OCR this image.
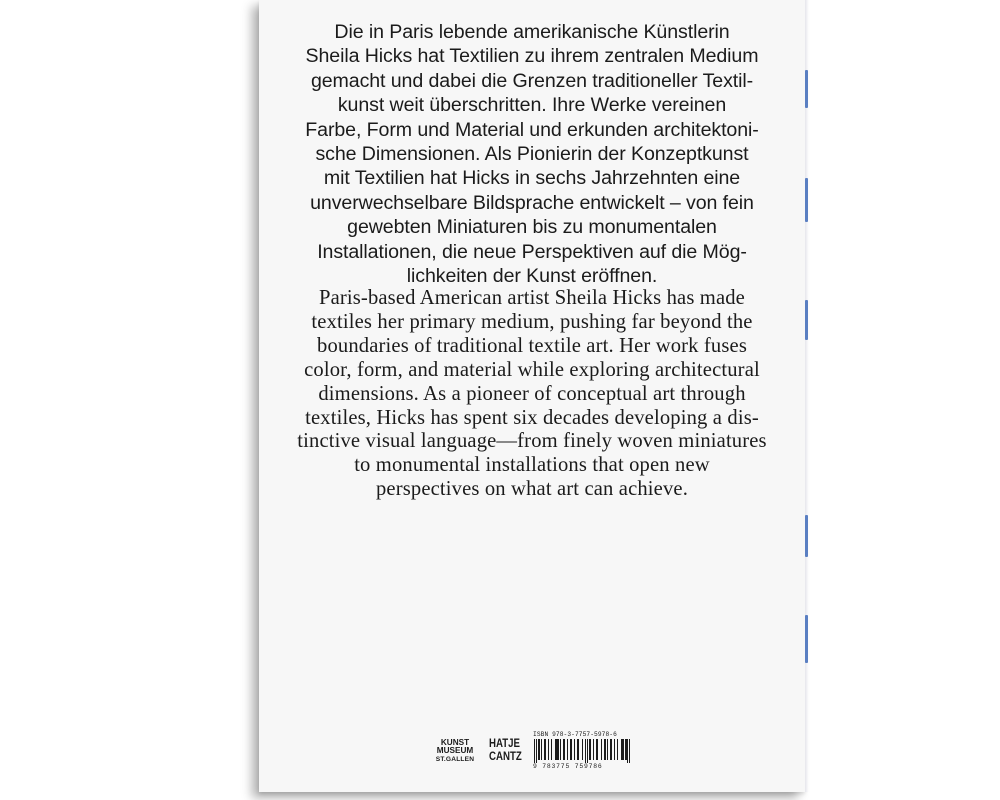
Die in Paris lebende amerikanische Künstlerin
Sheila Hicks hat Textilien zu ihrem zentralen Medium
gemacht und dabei die Grenzen traditioneller Textil-
kunst weit überschritten. Ihre Werke vereinen
Farbe, Form und Material und erkunden architektoni-
sche Dimensionen. Als Pionierin der Konzeptkunst
mit Textilien hat Hicks in sechs Jahrzehnten eine
unverwechselbare Bildsprache entwickelt – von fein
gewebten Miniaturen bis zu monumentalen
Installationen, die neue Perspektiven auf die Mög-
lichkeiten der Kunst eröffnen.

Paris-based American artist Sheila Hicks has made
textiles her primary medium, pushing far beyond the
boundaries of traditional textile art. Her work fuses
color, form, and material while exploring architectural
dimensions. As a pioneer of conceptual art through
textiles, Hicks has spent six decades developing a dis-
tinctive visual language—from finely woven miniatures
to monumental installations that open new
perspectives on what art can achieve.

KUNST
MUSEUM
ST.GALLEN
HATJE
CANTZ
ISBN 978-3-7757-5978-6
9 783775 759786
